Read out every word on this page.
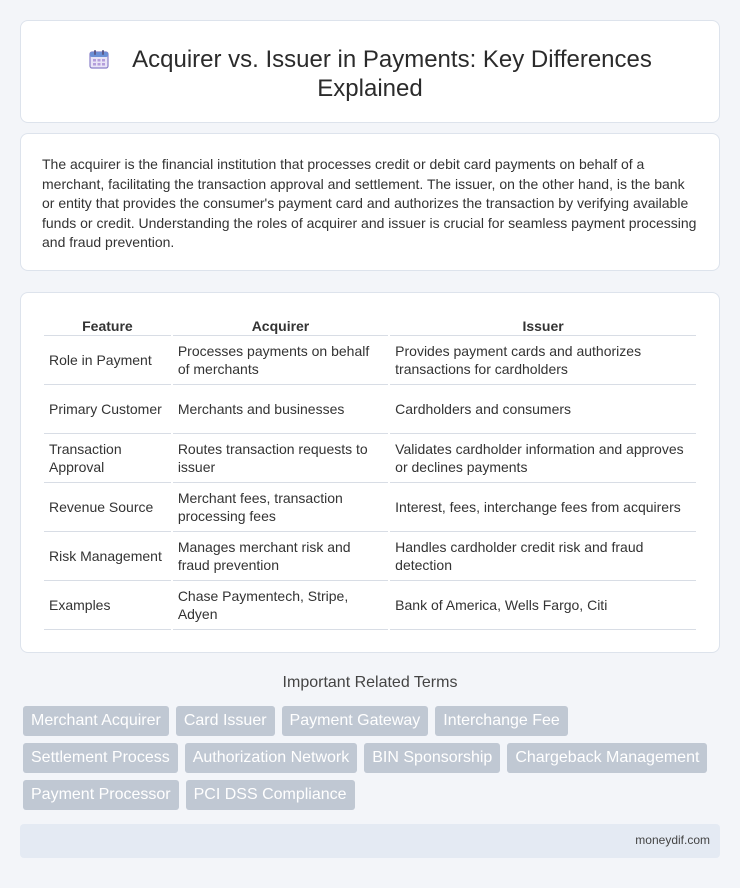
Acquirer vs. Issuer in Payments: Key Differences Explained

The acquirer is the financial institution that processes credit or debit card payments on behalf of a merchant, facilitating the transaction approval and settlement. The issuer, on the other hand, is the bank or entity that provides the consumer's payment card and authorizes the transaction by verifying available funds or credit. Understanding the roles of acquirer and issuer is crucial for seamless payment processing and fraud prevention.

Feature	Acquirer	Issuer
Role in Payment	Processes payments on behalf of merchants	Provides payment cards and authorizes transactions for cardholders
Primary Customer	Merchants and businesses	Cardholders and consumers
Transaction Approval	Routes transaction requests to issuer	Validates cardholder information and approves or declines payments
Revenue Source	Merchant fees, transaction processing fees	Interest, fees, interchange fees from acquirers
Risk Management	Manages merchant risk and fraud prevention	Handles cardholder credit risk and fraud detection
Examples	Chase Paymentech, Stripe, Adyen	Bank of America, Wells Fargo, Citi
Important Related Terms
Merchant Acquirer	Card Issuer	Payment Gateway	Interchange Fee
Settlement Process	Authorization Network	BIN Sponsorship	Chargeback Management
Payment Processor	PCI DSS Compliance
moneydif.com
